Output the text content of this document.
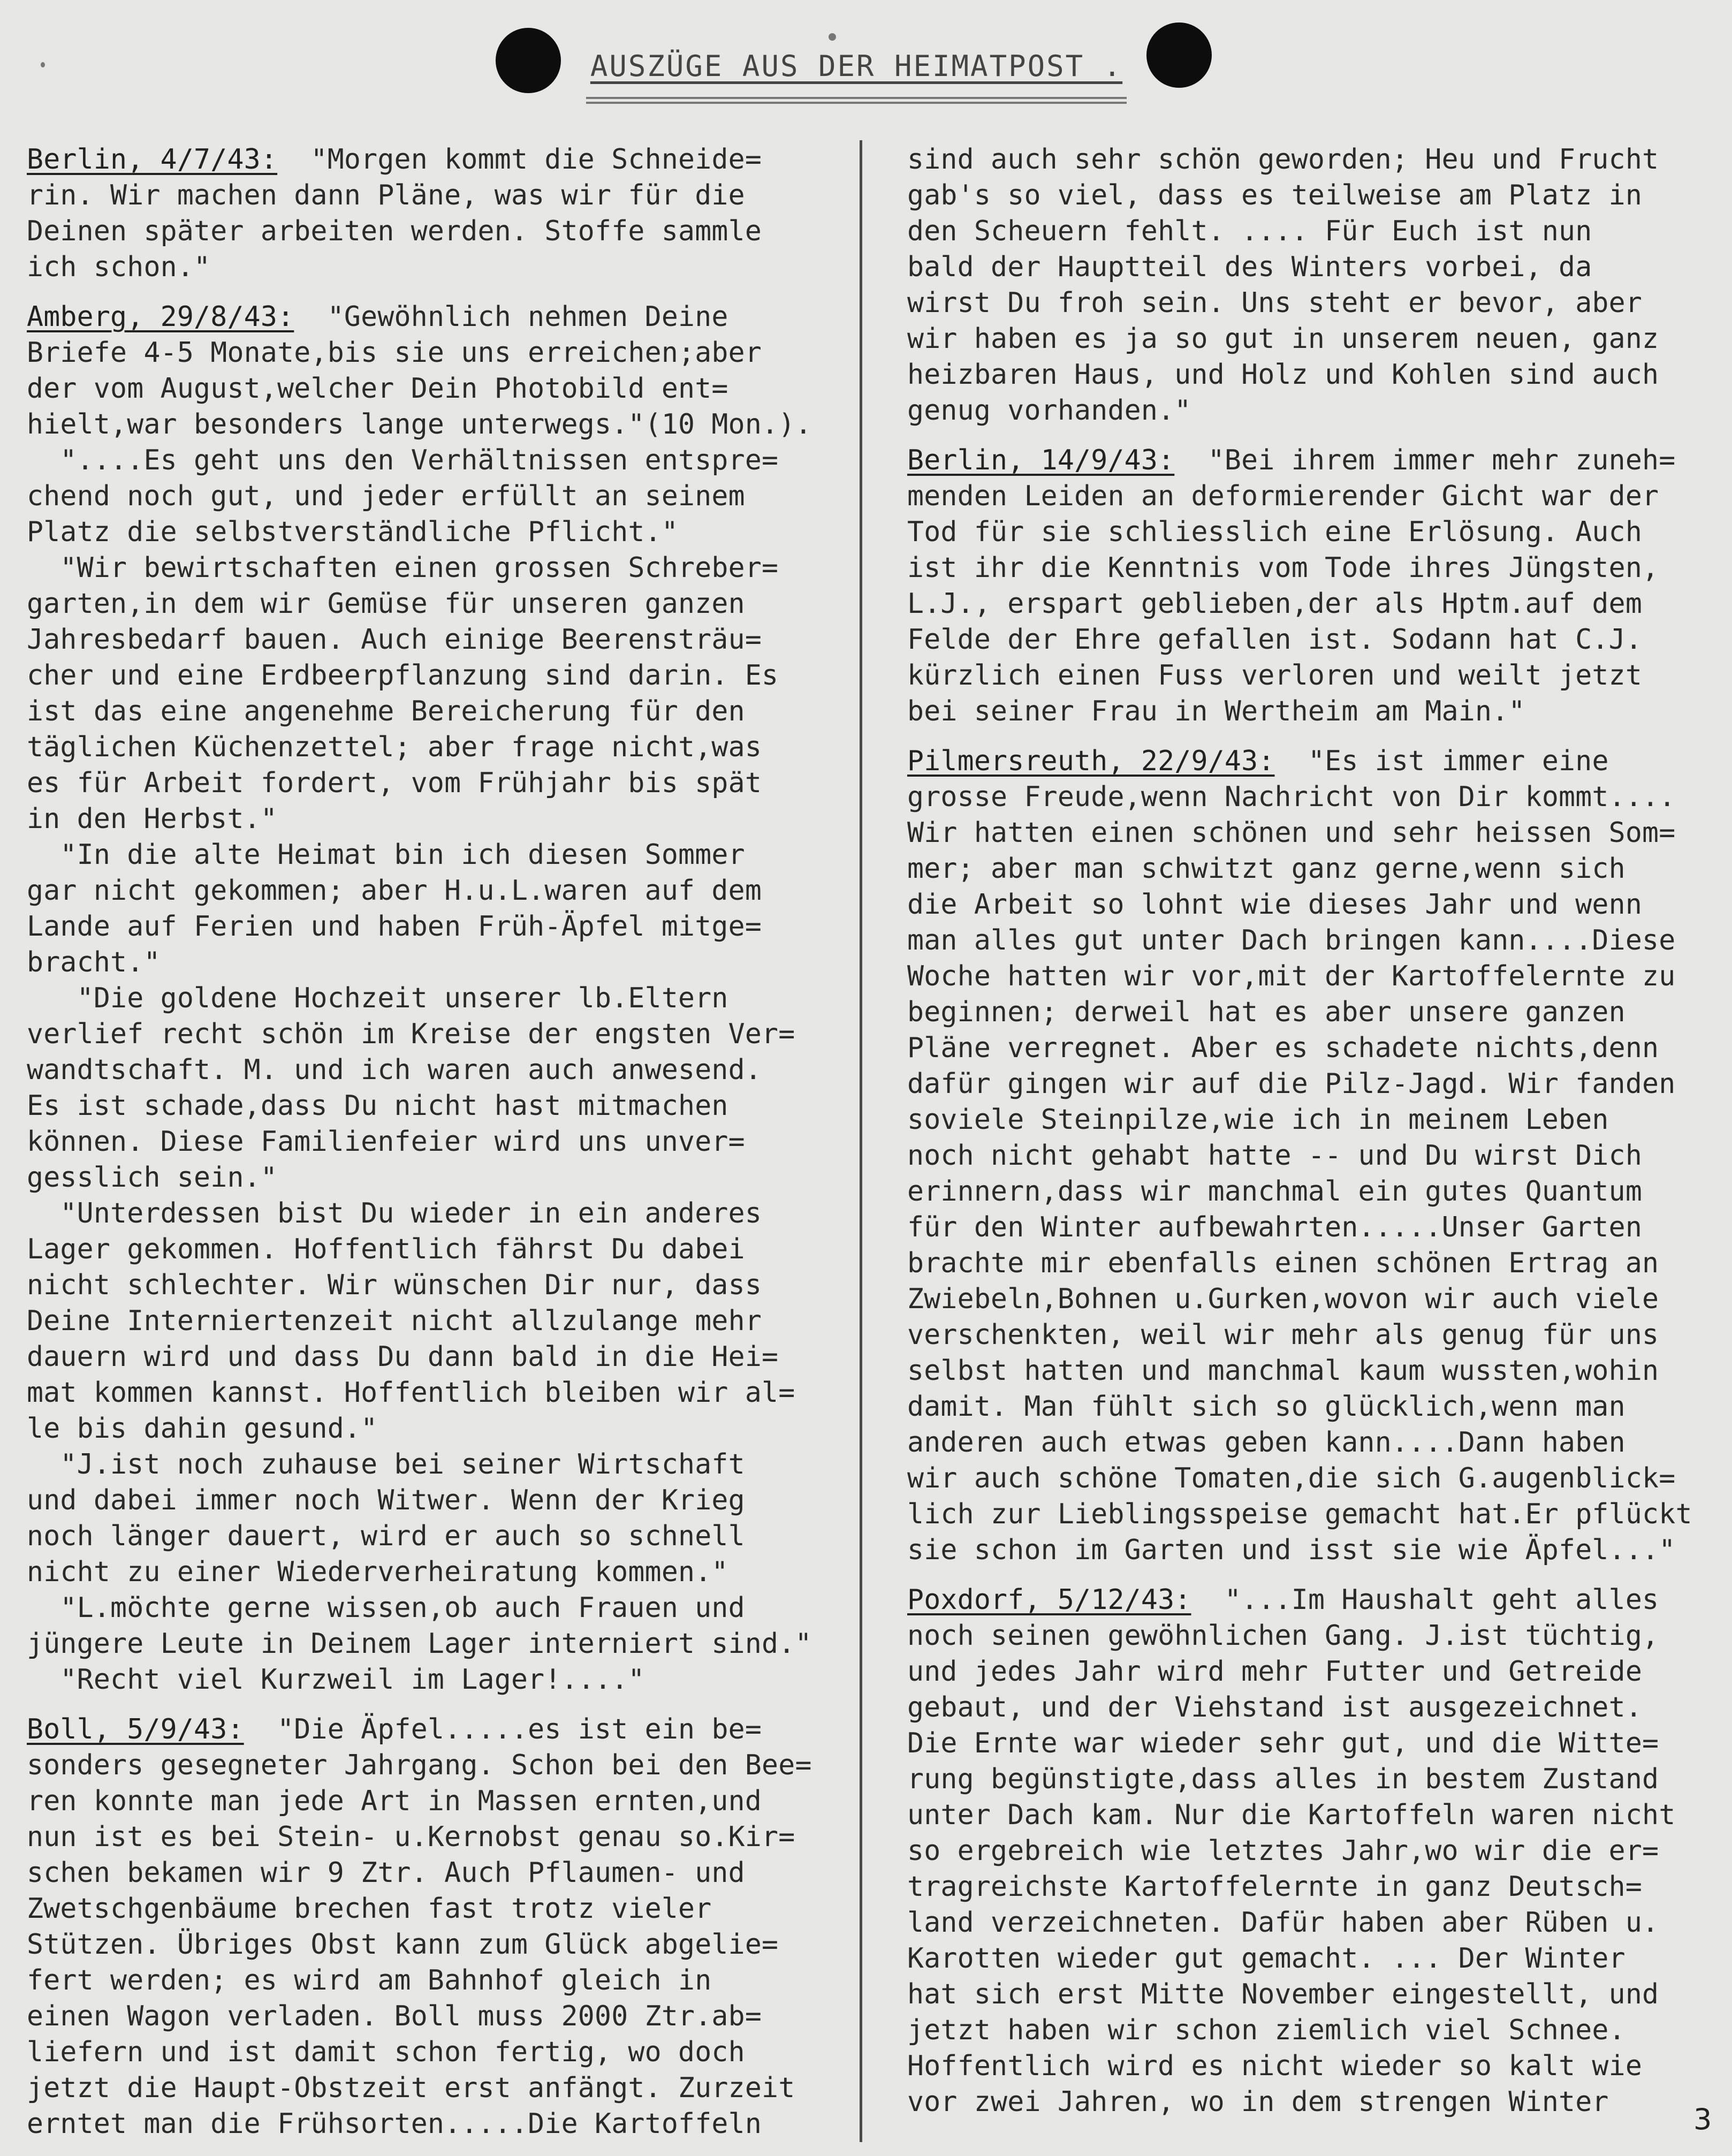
AUSZÜGE AUS DER HEIMATPOST .
Berlin, 4/7/43:  "Morgen kommt die Schneide=
rin. Wir machen dann Pläne, was wir für die
Deinen später arbeiten werden. Stoffe sammle
ich schon."
Amberg, 29/8/43:  "Gewöhnlich nehmen Deine
Briefe 4-5 Monate,bis sie uns erreichen;aber
der vom August,welcher Dein Photobild ent=
hielt,war besonders lange unterwegs."(10 Mon.).
"....Es geht uns den Verhältnissen entspre=
chend noch gut, und jeder erfüllt an seinem
Platz die selbstverständliche Pflicht."
"Wir bewirtschaften einen grossen Schreber=
garten,in dem wir Gemüse für unseren ganzen
Jahresbedarf bauen. Auch einige Beerensträu=
cher und eine Erdbeerpflanzung sind darin. Es
ist das eine angenehme Bereicherung für den
täglichen Küchenzettel; aber frage nicht,was
es für Arbeit fordert, vom Frühjahr bis spät
in den Herbst."
"In die alte Heimat bin ich diesen Sommer
gar nicht gekommen; aber H.u.L.waren auf dem
Lande auf Ferien und haben Früh-Äpfel mitge=
bracht."
"Die goldene Hochzeit unserer lb.Eltern
verlief recht schön im Kreise der engsten Ver=
wandtschaft. M. und ich waren auch anwesend.
Es ist schade,dass Du nicht hast mitmachen
können. Diese Familienfeier wird uns unver=
gesslich sein."
"Unterdessen bist Du wieder in ein anderes
Lager gekommen. Hoffentlich fährst Du dabei
nicht schlechter. Wir wünschen Dir nur, dass
Deine Interniertenzeit nicht allzulange mehr
dauern wird und dass Du dann bald in die Hei=
mat kommen kannst. Hoffentlich bleiben wir al=
le bis dahin gesund."
"J.ist noch zuhause bei seiner Wirtschaft
und dabei immer noch Witwer. Wenn der Krieg
noch länger dauert, wird er auch so schnell
nicht zu einer Wiederverheiratung kommen."
"L.möchte gerne wissen,ob auch Frauen und
jüngere Leute in Deinem Lager interniert sind."
"Recht viel Kurzweil im Lager!...."
Boll, 5/9/43:  "Die Äpfel.....es ist ein be=
sonders gesegneter Jahrgang. Schon bei den Bee=
ren konnte man jede Art in Massen ernten,und
nun ist es bei Stein- u.Kernobst genau so.Kir=
schen bekamen wir 9 Ztr. Auch Pflaumen- und
Zwetschgenbäume brechen fast trotz vieler
Stützen. Übriges Obst kann zum Glück abgelie=
fert werden; es wird am Bahnhof gleich in
einen Wagon verladen. Boll muss 2000 Ztr.ab=
liefern und ist damit schon fertig, wo doch
jetzt die Haupt-Obstzeit erst anfängt. Zurzeit
erntet man die Frühsorten.....Die Kartoffeln
sind auch sehr schön geworden; Heu und Frucht
gab's so viel, dass es teilweise am Platz in
den Scheuern fehlt. .... Für Euch ist nun
bald der Hauptteil des Winters vorbei, da
wirst Du froh sein. Uns steht er bevor, aber
wir haben es ja so gut in unserem neuen, ganz
heizbaren Haus, und Holz und Kohlen sind auch
genug vorhanden."
Berlin, 14/9/43:  "Bei ihrem immer mehr zuneh=
menden Leiden an deformierender Gicht war der
Tod für sie schliesslich eine Erlösung. Auch
ist ihr die Kenntnis vom Tode ihres Jüngsten,
L.J., erspart geblieben,der als Hptm.auf dem
Felde der Ehre gefallen ist. Sodann hat C.J.
kürzlich einen Fuss verloren und weilt jetzt
bei seiner Frau in Wertheim am Main."
Pilmersreuth, 22/9/43:  "Es ist immer eine
grosse Freude,wenn Nachricht von Dir kommt....
Wir hatten einen schönen und sehr heissen Som=
mer; aber man schwitzt ganz gerne,wenn sich
die Arbeit so lohnt wie dieses Jahr und wenn
man alles gut unter Dach bringen kann....Diese
Woche hatten wir vor,mit der Kartoffelernte zu
beginnen; derweil hat es aber unsere ganzen
Pläne verregnet. Aber es schadete nichts,denn
dafür gingen wir auf die Pilz-Jagd. Wir fanden
soviele Steinpilze,wie ich in meinem Leben
noch nicht gehabt hatte -- und Du wirst Dich
erinnern,dass wir manchmal ein gutes Quantum
für den Winter aufbewahrten.....Unser Garten
brachte mir ebenfalls einen schönen Ertrag an
Zwiebeln,Bohnen u.Gurken,wovon wir auch viele
verschenkten, weil wir mehr als genug für uns
selbst hatten und manchmal kaum wussten,wohin
damit. Man fühlt sich so glücklich,wenn man
anderen auch etwas geben kann....Dann haben
wir auch schöne Tomaten,die sich G.augenblick=
lich zur Lieblingsspeise gemacht hat.Er pflückt
sie schon im Garten und isst sie wie Äpfel..."
Poxdorf, 5/12/43:  "...Im Haushalt geht alles
noch seinen gewöhnlichen Gang. J.ist tüchtig,
und jedes Jahr wird mehr Futter und Getreide
gebaut, und der Viehstand ist ausgezeichnet.
Die Ernte war wieder sehr gut, und die Witte=
rung begünstigte,dass alles in bestem Zustand
unter Dach kam. Nur die Kartoffeln waren nicht
so ergebreich wie letztes Jahr,wo wir die er=
tragreichste Kartoffelernte in ganz Deutsch=
land verzeichneten. Dafür haben aber Rüben u.
Karotten wieder gut gemacht. ... Der Winter
hat sich erst Mitte November eingestellt, und
jetzt haben wir schon ziemlich viel Schnee.
Hoffentlich wird es nicht wieder so kalt wie
vor zwei Jahren, wo in dem strengen Winter
3
